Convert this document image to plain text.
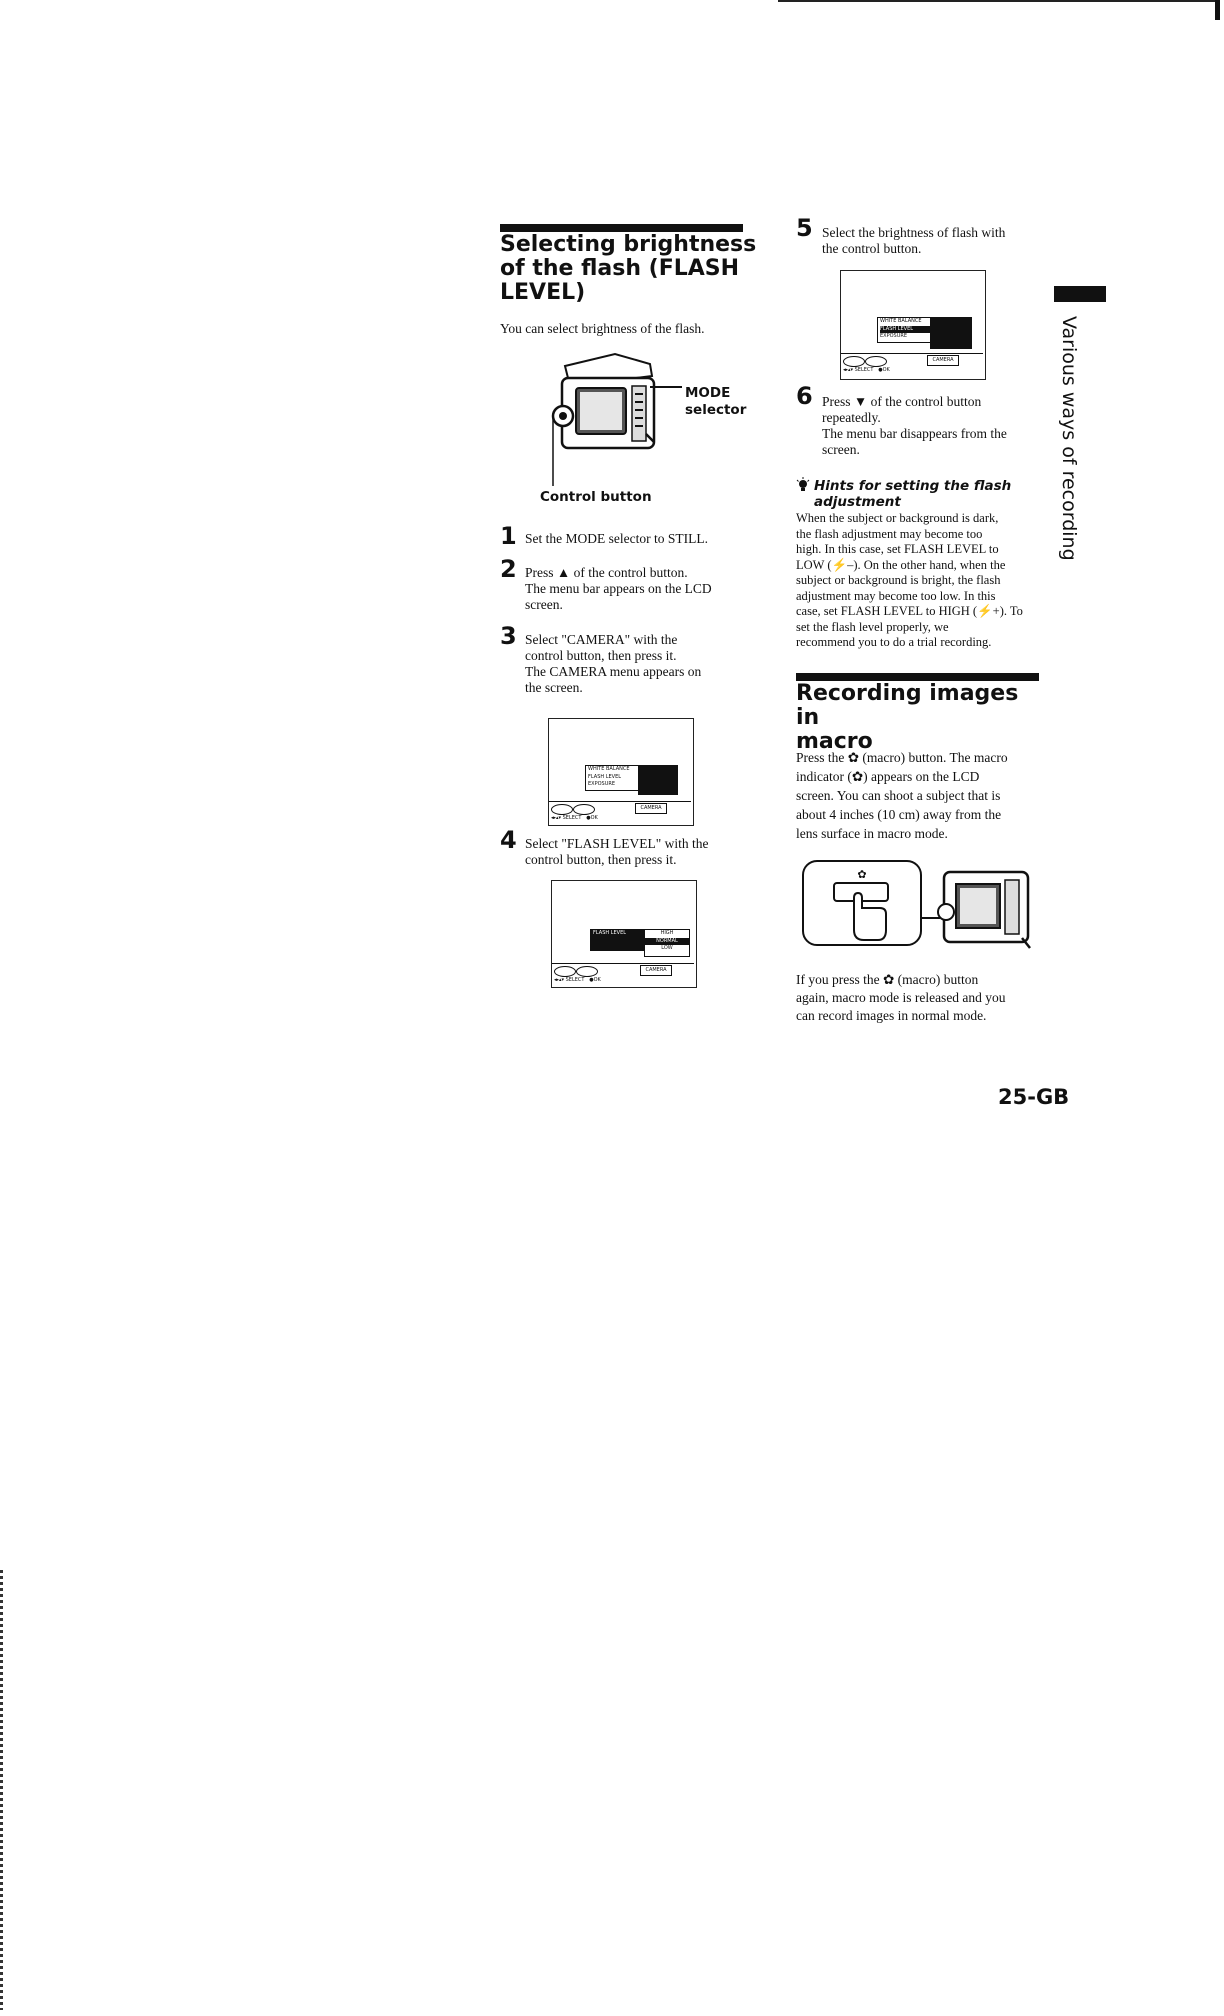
Selecting brightness
of the flash (FLASH
LEVEL)
You can select brightness of the flash.
MODE
selector
Control button
1 Set the MODE selector to STILL.
2 Press ▲ of the control button.
The menu bar appears on the LCD
screen.
3 Select "CAMERA" with the
control button, then press it.
The CAMERA menu appears on
the screen.
WHITE BALANCE
FLASH LEVEL
EXPOSURE
CAMERA
◂▸▴▾ SELECT ●OK
4 Select "FLASH LEVEL" with the
control button, then press it.
FLASH LEVEL	HIGH
NORMAL
LOW
CAMERA
◂▸▴▾ SELECT ●OK
5 Select the brightness of flash with
the control button.
WHITE BALANCE
FLASH LEVEL
EXPOSURE
CAMERA
◂▸▴▾ SELECT ●OK
6 Press ▼ of the control button
repeatedly.
The menu bar disappears from the
screen.
Hints for setting the flash
adjustment
When the subject or background is dark,
the flash adjustment may become too
high. In this case, set FLASH LEVEL to
LOW (⚡–). On the other hand, when the
subject or background is bright, the flash
adjustment may become too low. In this
case, set FLASH LEVEL to HIGH (⚡+). To
set the flash level properly, we
recommend you to do a trial recording.
Recording images in
macro
Press the ✿ (macro) button. The macro
indicator (✿) appears on the LCD
screen. You can shoot a subject that is
about 4 inches (10 cm) away from the
lens surface in macro mode.
✿
If you press the ✿ (macro) button
again, macro mode is released and you
can record images in normal mode.
Various ways of recording
25-GB
